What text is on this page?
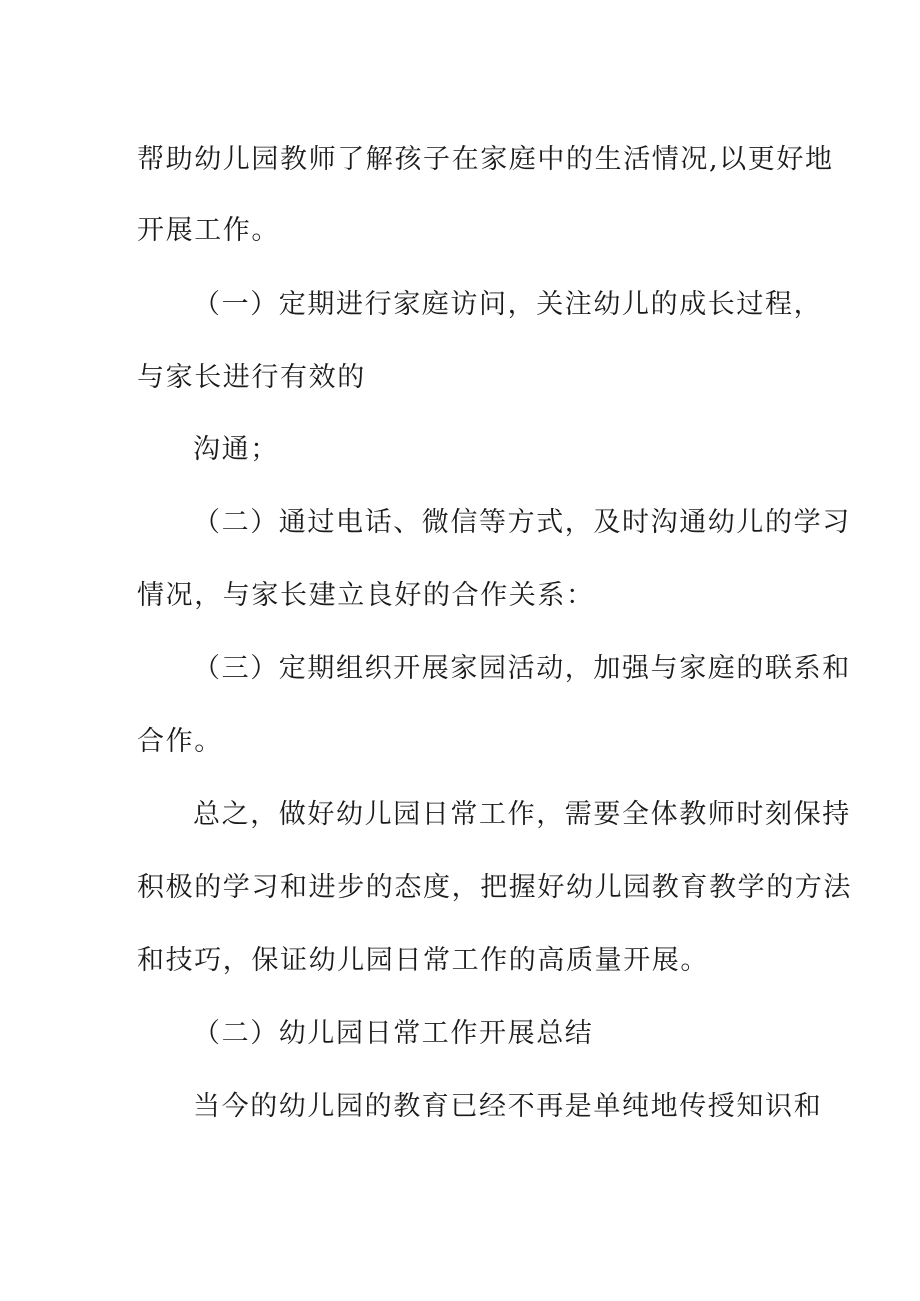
帮助幼儿园教师了解孩子在家庭中的生活情况,以更好地
开展工作。
（一）定期进行家庭访问，关注幼儿的成长过程，
与家长进行有效的
沟通；
（二）通过电话、微信等方式，及时沟通幼儿的学习
情况，与家长建立良好的合作关系：
（三）定期组织开展家园活动，加强与家庭的联系和
合作。
总之，做好幼儿园日常工作，需要全体教师时刻保持
积极的学习和进步的态度，把握好幼儿园教育教学的方法
和技巧，保证幼儿园日常工作的高质量开展。
（二）幼儿园日常工作开展总结
当今的幼儿园的教育已经不再是单纯地传授知识和
